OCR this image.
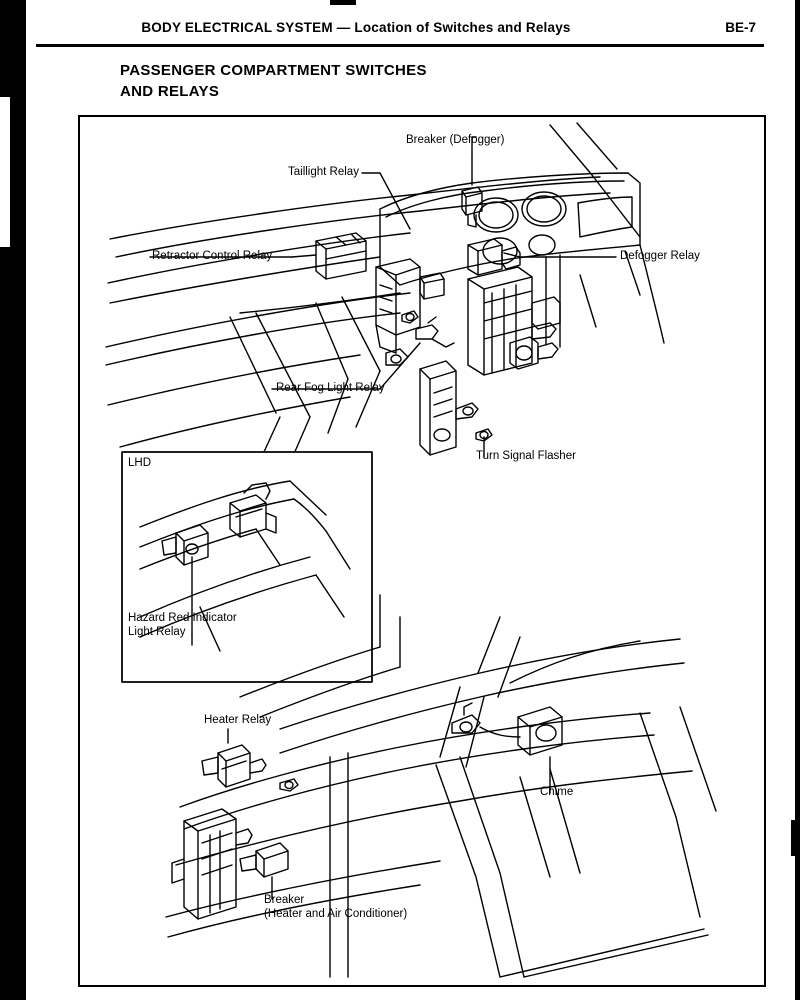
BODY ELECTRICAL SYSTEM — Location of Switches and Relays	BE-7
PASSENGER COMPARTMENT SWITCHES
AND RELAYS
LHD
Breaker (Defogger)
Taillight Relay
Retractor Control Relay	Defogger Relay
Rear Fog Light Relay
Turn Signal Flasher
Hazard Red Indicator
Light Relay
Heater Relay
Chime
Breaker
(Heater and Air Conditioner)
